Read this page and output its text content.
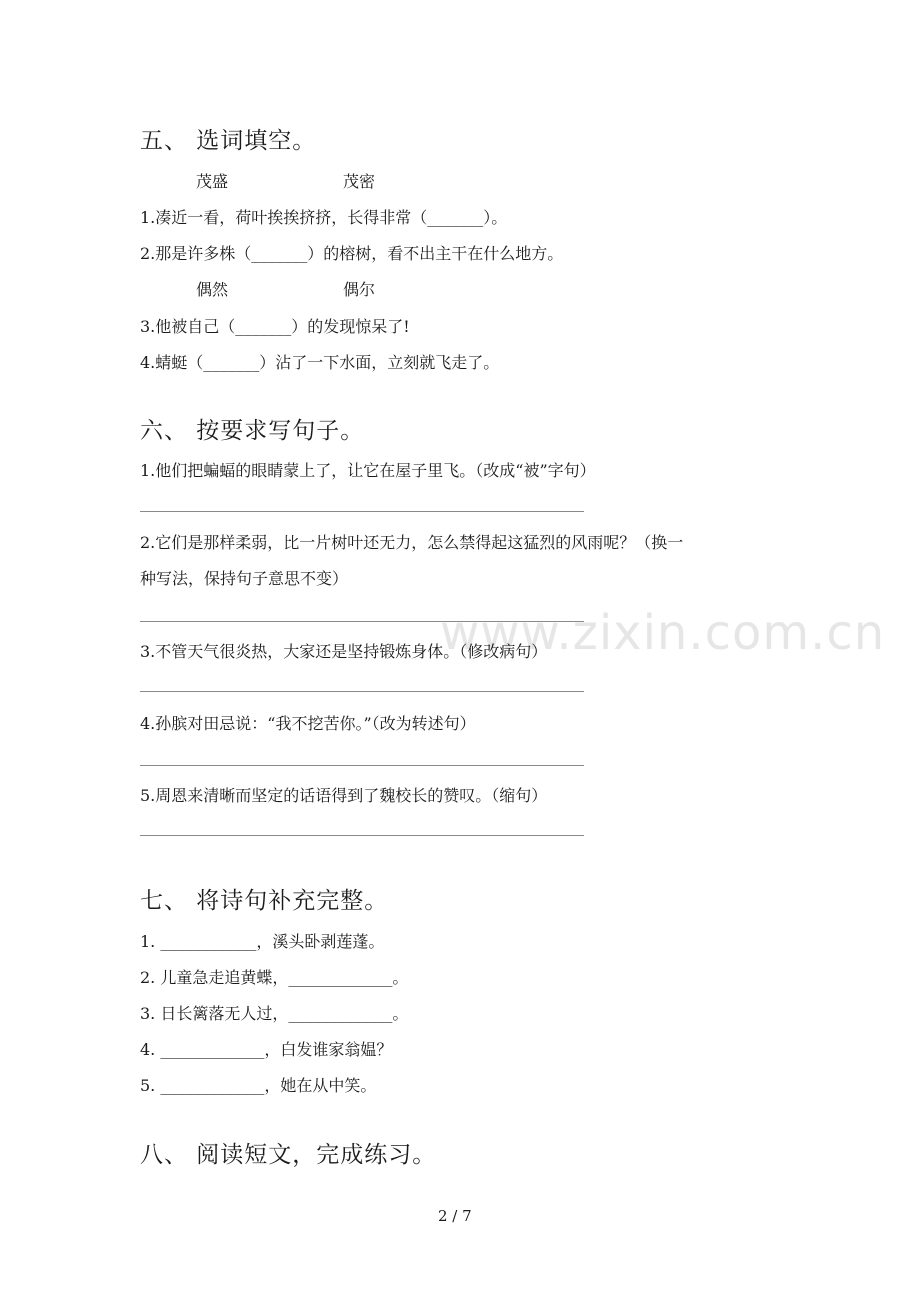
www.zixin.com.cn
五、 选词填空。
茂盛	茂密
1.凑近一看，荷叶挨挨挤挤，长得非常（_______）。
2.那是许多株（_______）的榕树，看不出主干在什么地方。
偶然	偶尔
3.他被自己（_______）的发现惊呆了!
4.蜻蜓（_______）沾了一下水面，立刻就飞走了。
六、 按要求写句子。
1.他们把蝙蝠的眼睛蒙上了，让它在屋子里飞。（改成“被”字句）
2.它们是那样柔弱，比一片树叶还无力，怎么禁得起这猛烈的风雨呢？（换一
种写法，保持句子意思不变）
3.不管天气很炎热，大家还是坚持锻炼身体。（修改病句）
4.孙膑对田忌说：“我不挖苦你。”（改为转述句）
5.周恩来清晰而坚定的话语得到了魏校长的赞叹。（缩句）
七、 将诗句补充完整。
1. ____________，溪头卧剥莲蓬。
2. 儿童急走追黄蝶，_____________。
3. 日长篱落无人过，_____________。
4. _____________，白发谁家翁媪？
5. _____________，她在从中笑。
八、 阅读短文，完成练习。
2 / 7
